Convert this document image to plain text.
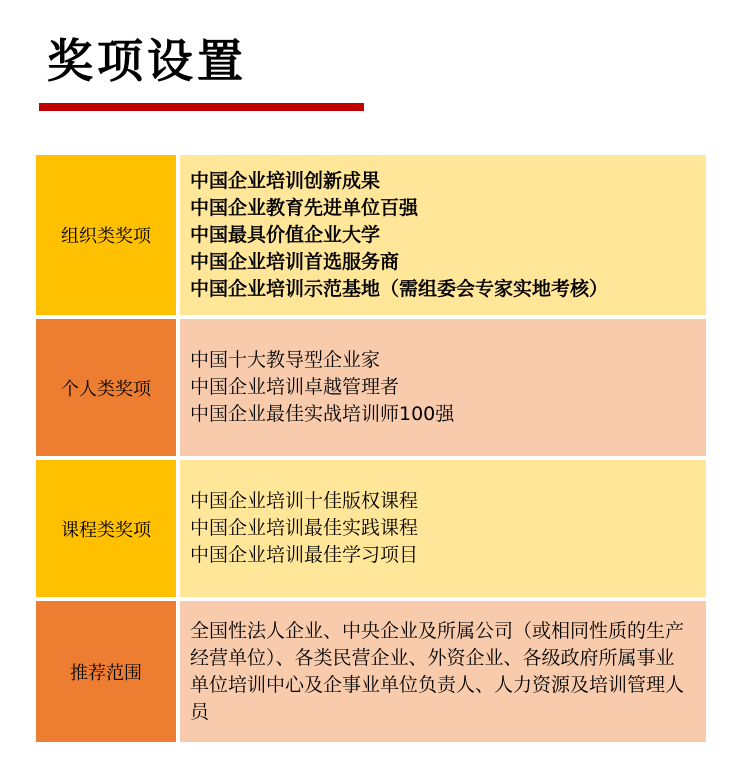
奖项设置
组织类奖项
中国企业培训创新成果
中国企业教育先进单位百强
中国最具价值企业大学
中国企业培训首选服务商
中国企业培训示范基地（需组委会专家实地考核）
个人类奖项
中国十大教导型企业家
中国企业培训卓越管理者
中国企业最佳实战培训师100强
课程类奖项
中国企业培训十佳版权课程
中国企业培训最佳实践课程
中国企业培训最佳学习项目
推荐范围
全国性法人企业、中央企业及所属公司（或相同性质的生产经营单位）、各类民营企业、外资企业、各级政府所属事业单位培训中心及企事业单位负责人、人力资源及培训管理人员
